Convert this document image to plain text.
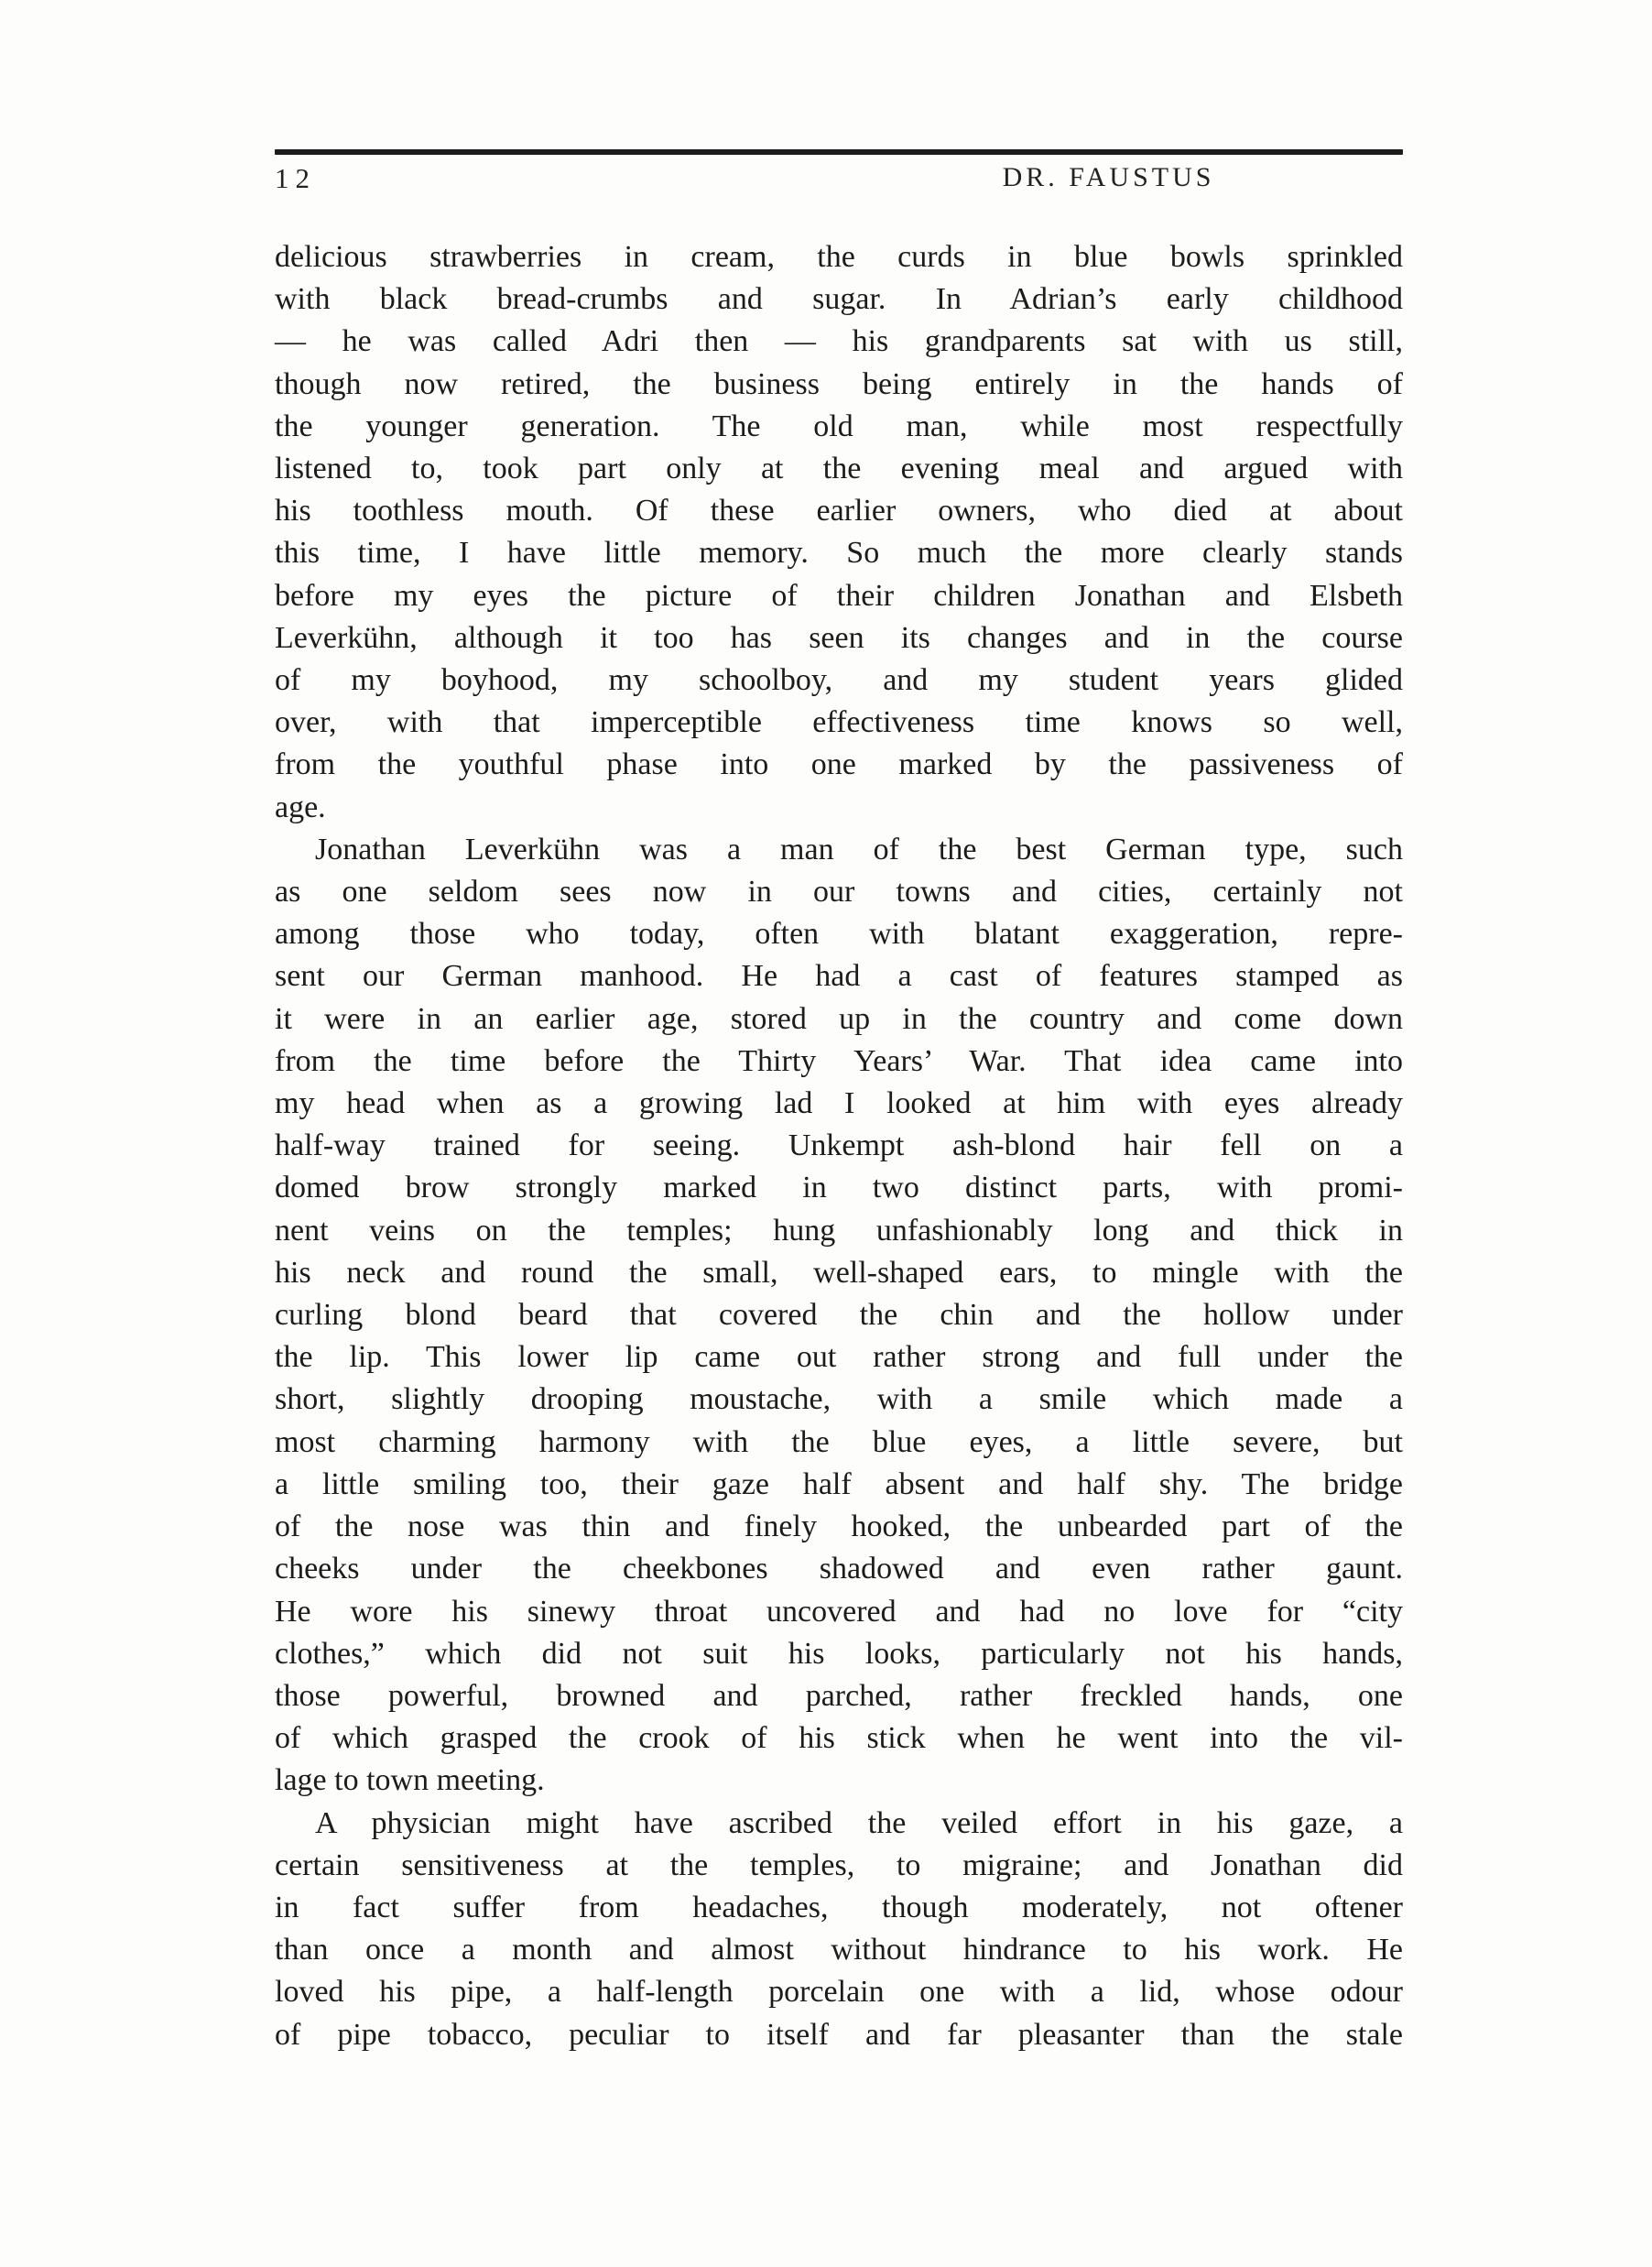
12	DR. FAUSTUS
delicious strawberries in cream, the curds in blue bowls sprinkled
with black bread-crumbs and sugar. In Adrian’s early childhood
— he was called Adri then — his grandparents sat with us still,
though now retired, the business being entirely in the hands of
the younger generation. The old man, while most respectfully
listened to, took part only at the evening meal and argued with
his toothless mouth. Of these earlier owners, who died at about
this time, I have little memory. So much the more clearly stands
before my eyes the picture of their children Jonathan and Elsbeth
Leverkühn, although it too has seen its changes and in the course
of my boyhood, my schoolboy, and my student years glided
over, with that imperceptible effectiveness time knows so well,
from the youthful phase into one marked by the passiveness of
age.
Jonathan Leverkühn was a man of the best German type, such
as one seldom sees now in our towns and cities, certainly not
among those who today, often with blatant exaggeration, repre-
sent our German manhood. He had a cast of features stamped as
it were in an earlier age, stored up in the country and come down
from the time before the Thirty Years’ War. That idea came into
my head when as a growing lad I looked at him with eyes already
half-way trained for seeing. Unkempt ash-blond hair fell on a
domed brow strongly marked in two distinct parts, with promi-
nent veins on the temples; hung unfashionably long and thick in
his neck and round the small, well-shaped ears, to mingle with the
curling blond beard that covered the chin and the hollow under
the lip. This lower lip came out rather strong and full under the
short, slightly drooping moustache, with a smile which made a
most charming harmony with the blue eyes, a little severe, but
a little smiling too, their gaze half absent and half shy. The bridge
of the nose was thin and finely hooked, the unbearded part of the
cheeks under the cheekbones shadowed and even rather gaunt.
He wore his sinewy throat uncovered and had no love for “city
clothes,” which did not suit his looks, particularly not his hands,
those powerful, browned and parched, rather freckled hands, one
of which grasped the crook of his stick when he went into the vil-
lage to town meeting.
A physician might have ascribed the veiled effort in his gaze, a
certain sensitiveness at the temples, to migraine; and Jonathan did
in fact suffer from headaches, though moderately, not oftener
than once a month and almost without hindrance to his work. He
loved his pipe, a half-length porcelain one with a lid, whose odour
of pipe tobacco, peculiar to itself and far pleasanter than the stale
